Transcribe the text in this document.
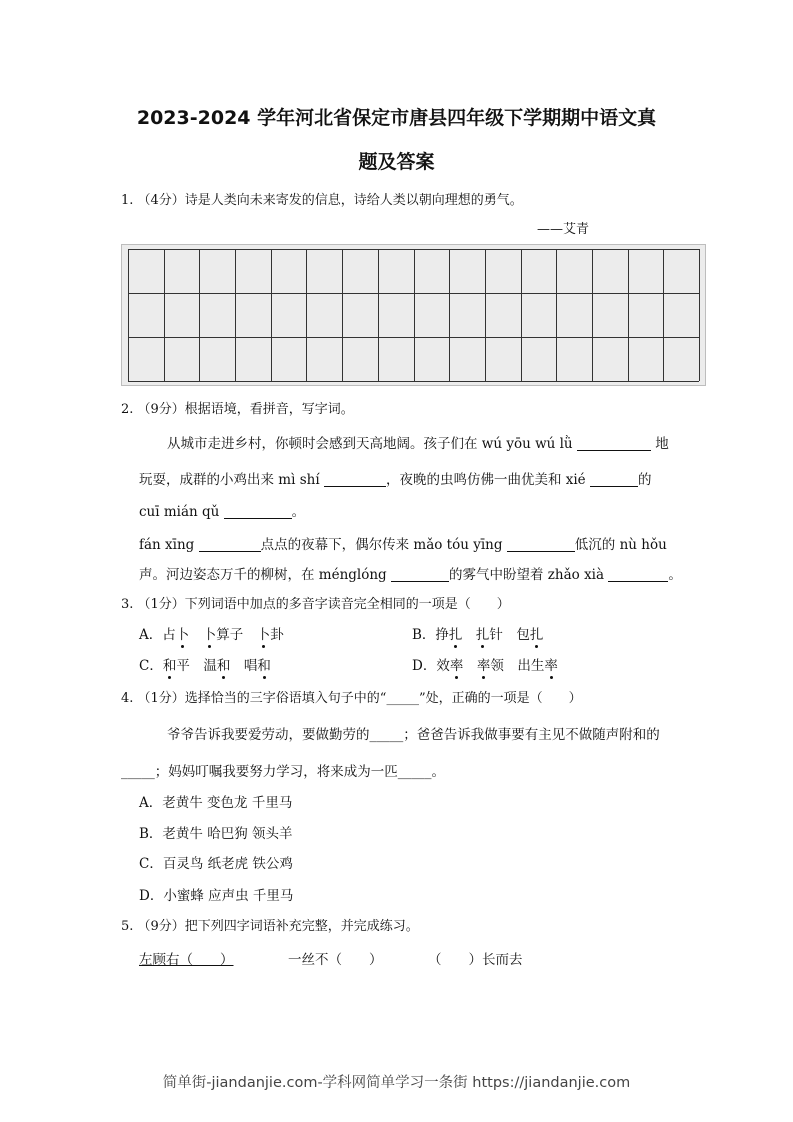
2023-2024 学年河北省保定市唐县四年级下学期期中语文真
题及答案
1. （4分）诗是人类向未来寄发的信息，诗给人类以朝向理想的勇气。
——艾青
2. （9分）根据语境，看拼音，写字词。
从城市走进乡村，你顿时会感到天高地阔。孩子们在 wú yōu wú lǜ	地
玩耍，成群的小鸡出来 mì shí	，夜晚的虫鸣仿佛一曲优美和 xié	的
cuī mián qǔ	。
fán xīng	点点的夜幕下，偶尔传来 mǎo tóu yīng	低沉的 nù hǒu
声。河边姿态万千的柳树，在 ménglóng	的雾气中盼望着 zhǎo xià	。
3. （1分）下列词语中加点的多音字读音完全相同的一项是（　　）
A．占卜　 卜算子　 卜卦	B．挣扎　 扎针　 包扎
C．和平　 温和　 唱和	D．效率　 率领　 出生率
4. （1分）选择恰当的三字俗语填入句子中的“_____”处，正确的一项是（　　）
爷爷告诉我要爱劳动，要做勤劳的_____；爸爸告诉我做事要有主见不做随声附和的
_____；妈妈叮嘱我要努力学习，将来成为一匹_____。
A．老黄牛 变色龙 千里马
B．老黄牛 哈巴狗 领头羊
C．百灵鸟 纸老虎 铁公鸡
D．小蜜蜂 应声虫 千里马
5. （9分）把下列四字词语补充完整，并完成练习。
左顾右（　　）	一丝不（　　）	（　　）长而去
简单街-jiandanjie.com-学科网简单学习一条街 https://jiandanjie.com
